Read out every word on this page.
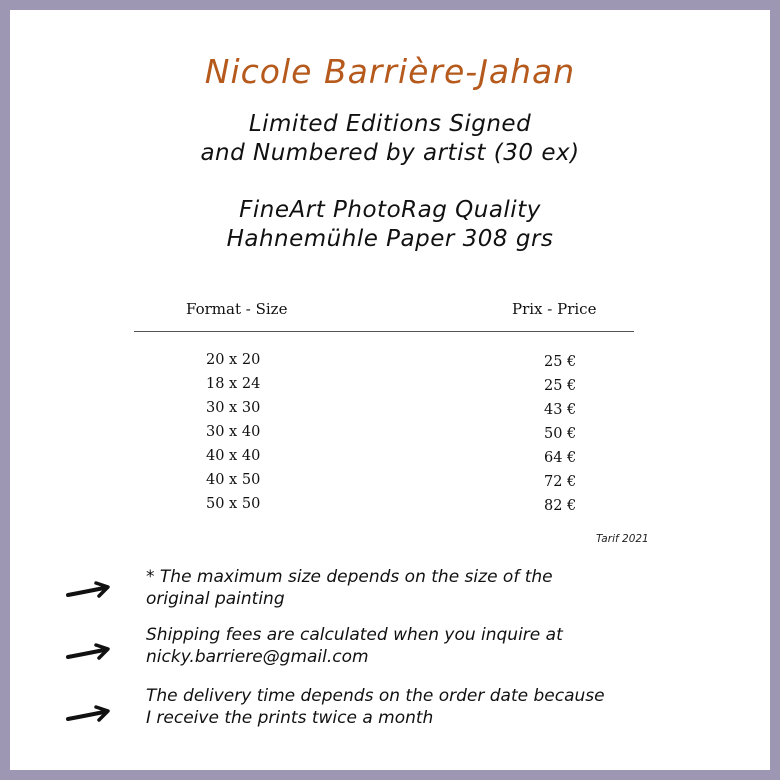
Nicole Barrière-Jahan
Limited Editions Signed
and Numbered by artist (30 ex)
FineArt PhotoRag Quality
Hahnemühle Paper 308 grs
Format - Size	Prix - Price
20 x 20	25 €
18 x 24	25 €
30 x 30	43 €
30 x 40	50 €
40 x 40	64 €
40 x 50	72 €
50 x 50	82 €
Tarif 2021
* The maximum size depends on the size of the
original painting
Shipping fees are calculated when you inquire at
nicky.barriere@gmail.com
The delivery time depends on the order date because
I receive the prints twice a month
